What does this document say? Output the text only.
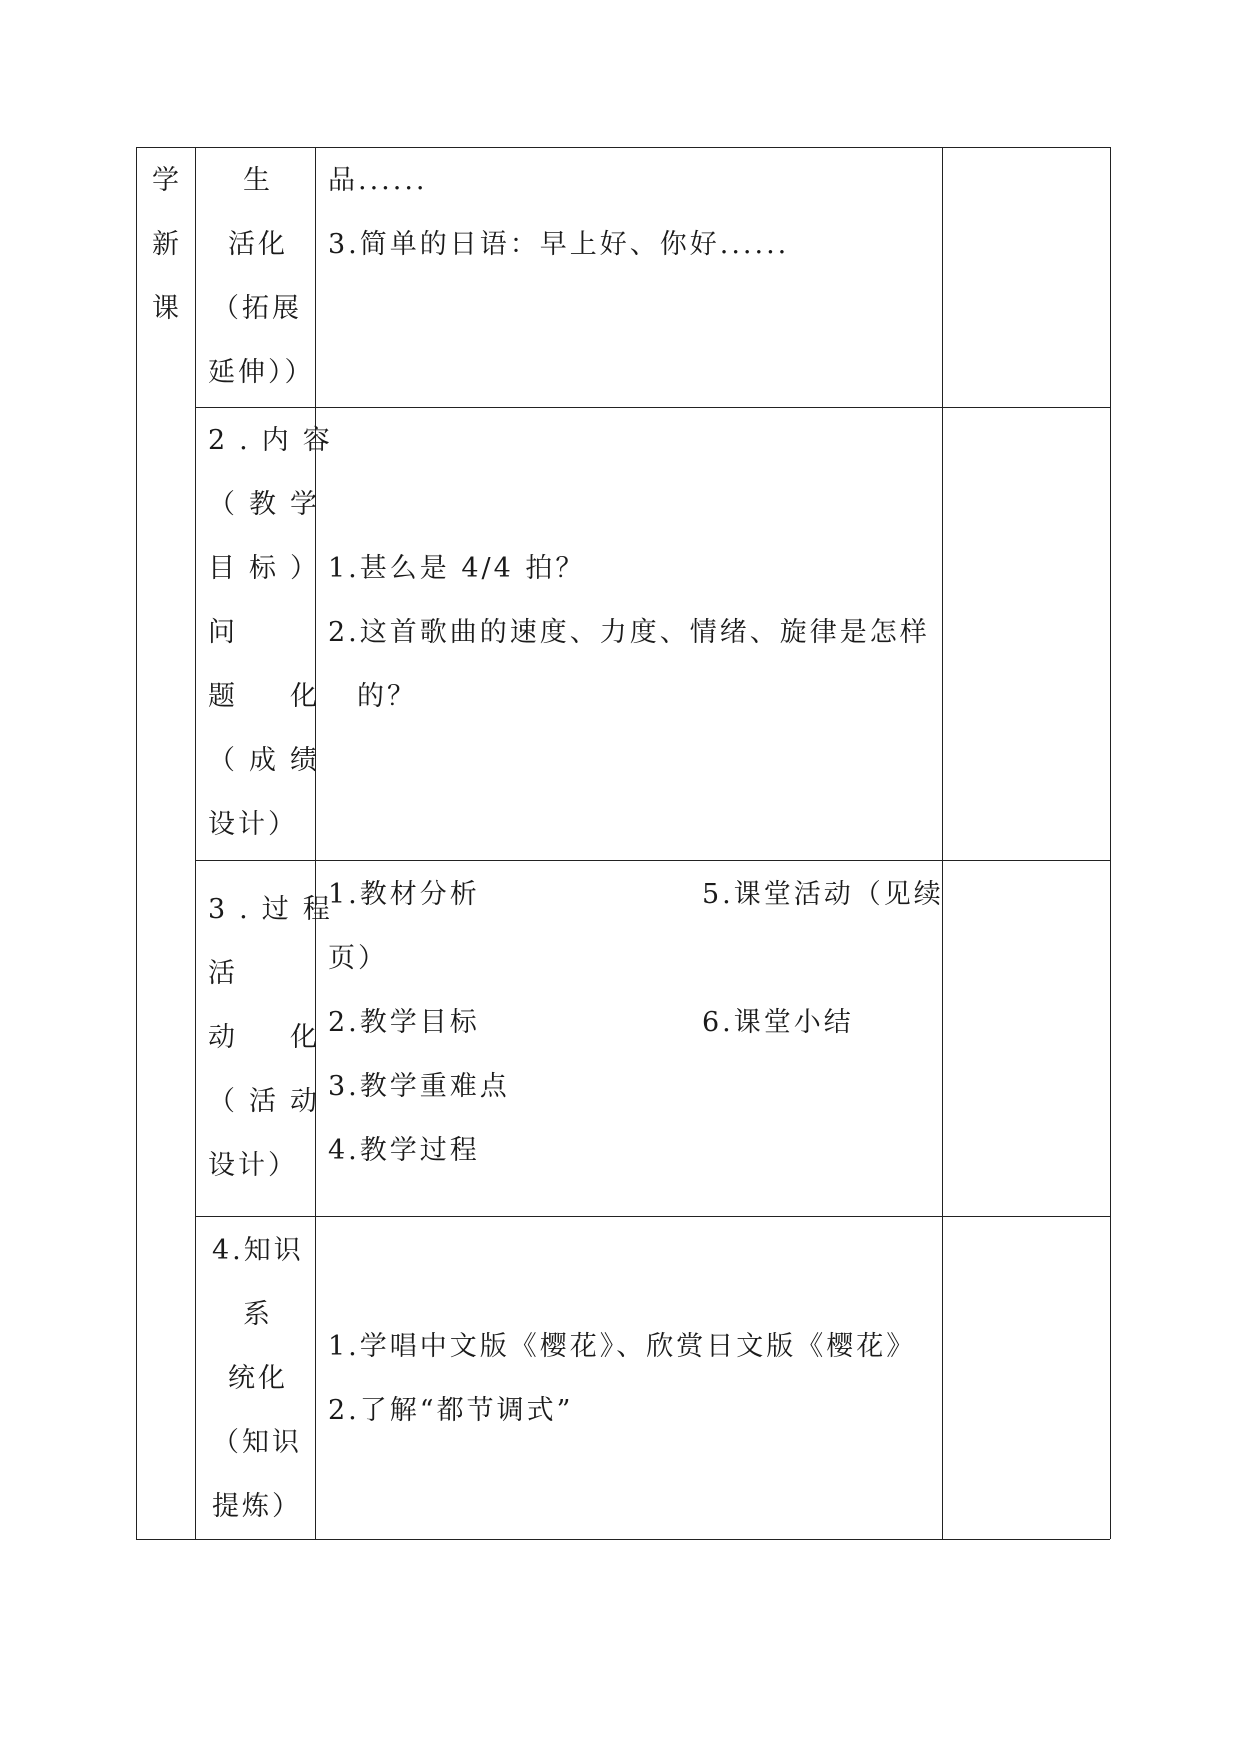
学
新
课
生
活化
（拓展
延伸））
品......
3.简单的日语：早上好、你好......
2.内容
（教学
目标）
问
题　化
（成绩
设计）
1.甚么是 4/4 拍？
2.这首歌曲的速度、力度、情绪、旋律是怎样
的？
3.过程
活
动　化
（活动
设计）
1.教材分析
页）
2.教学目标
3.教学重难点
4.教学过程
5.课堂活动（见续
6.课堂小结
4.知识
系
统化
（知识
提炼）
1.学唱中文版《樱花》、欣赏日文版《樱花》
2.了解“都节调式”
